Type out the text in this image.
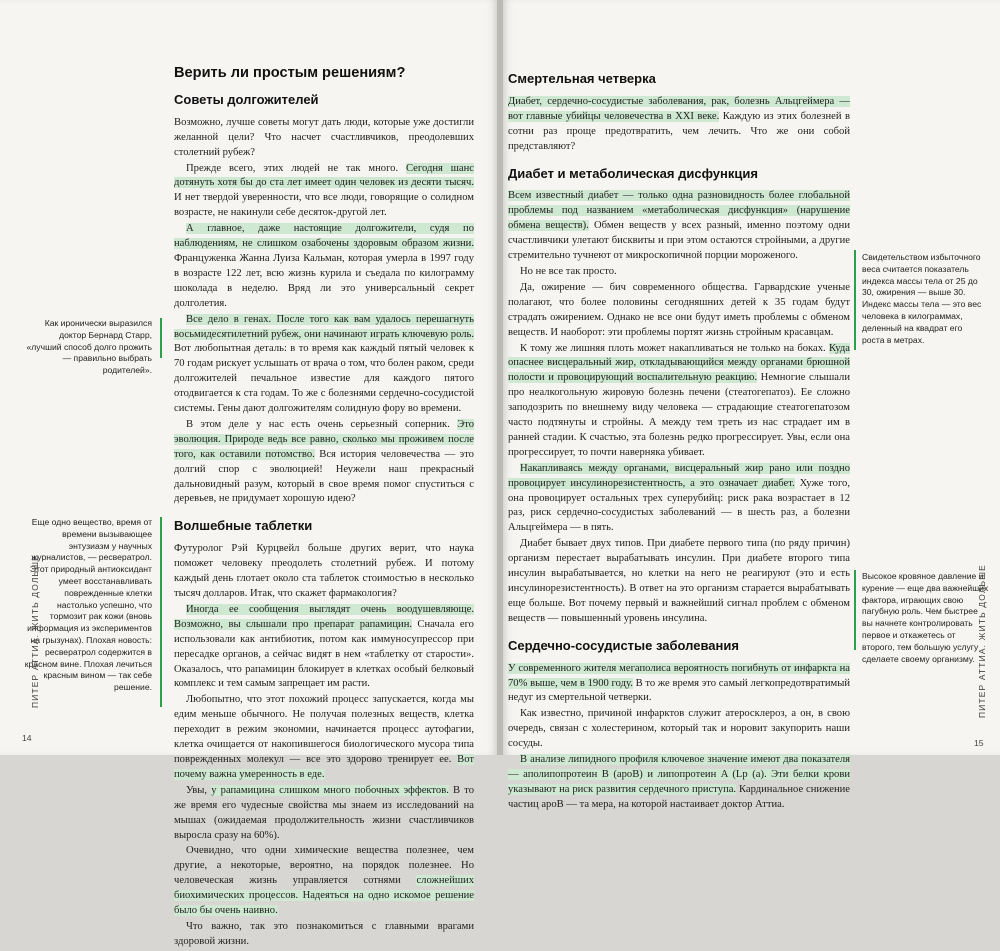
Верить ли простым решениям?
Советы долгожителей

Возможно, лучше советы могут дать люди, которые уже достигли желанной цели? Что насчет счастливчиков, преодолевших столетний рубеж?

Прежде всего, этих людей не так много. Сегодня шанс дотянуть хотя бы до ста лет имеет один человек из десяти тысяч. И нет твердой уверенности, что все люди, говорящие о солидном возрасте, не накинули себе десяток-другой лет.

А главное, даже настоящие долгожители, судя по наблюдениям, не слишком озабочены здоровым образом жизни. Француженка Жанна Луиза Кальман, которая умерла в 1997 году в возрасте 122 лет, всю жизнь курила и съедала по килограмму шоколада в неделю. Вряд ли это универсальный секрет долголетия.

Все дело в генах. После того как вам удалось перешагнуть восьмидесятилетний рубеж, они начинают играть ключевую роль. Вот любопытная деталь: в то время как каждый пятый человек к 70 годам рискует услышать от врача о том, что болен раком, среди долгожителей печальное известие для каждого пятого отодвигается к ста годам. То же с болезнями сердечно-сосудистой системы. Гены дают долгожителям солидную фору во времени.

В этом деле у нас есть очень серьезный соперник. Это эволюция. Природе ведь все равно, сколько мы проживем после того, как оставили потомство. Вся история человечества — это долгий спор с эволюцией! Неужели наш прекрасный дальновидный разум, который в свое время помог спуститься с деревьев, не придумает хорошую идею?

Волшебные таблетки

Футуролог Рэй Курцвейл больше других верит, что наука поможет человеку преодолеть столетний рубеж. И потому каждый день глотает около ста таблеток стоимостью в несколько тысяч долларов. Итак, что скажет фармакология?

Иногда ее сообщения выглядят очень воодушевляюще. Возможно, вы слышали про препарат рапамицин. Сначала его использовали как антибиотик, потом как иммуносупрессор при пересадке органов, а сейчас видят в нем «таблетку от старости». Оказалось, что рапамицин блокирует в клетках особый белковый комплекс и тем самым запрещает им расти.

Любопытно, что этот похожий процесс запускается, когда мы едим меньше обычного. Не получая полезных веществ, клетка переходит в режим экономии, начинается процесс аутофагии, клетка очищается от накопившегося биологического мусора типа поврежденных молекул — все это здорово тренирует ее. Вот почему важна умеренность в еде.

Увы, у рапамицина слишком много побочных эффектов. В то же время его чудесные свойства мы знаем из исследований на мышах (ожидаемая продолжительность жизни счастливчиков выросла сразу на 60%).

Очевидно, что одни химические вещества полезнее, чем другие, а некоторые, вероятно, на порядок полезнее. Но человеческая жизнь управляется сотнями сложнейших биохимических процессов. Надеяться на одно искомое решение было бы очень наивно.

Что важно, так это познакомиться с главными врагами здоровой жизни.

Как иронически выразился доктор Бернард Старр, «лучший способ долго прожить — правильно выбрать родителей».
Еще одно вещество, время от времени вызывающее энтузиазм у научных журналистов, — ресвератрол. Этот природный антиоксидант умеет восстанавливать поврежденные клетки настолько успешно, что тормозит рак кожи (вновь информация из экспериментов на грызунах). Плохая новость: ресвератрол содержится в красном вине. Плохая лечиться красным вином — так себе решение.
ПИТЕР АТТИА. ЖИТЬ ДОЛЬШЕ
14
Смертельная четверка

Диабет, сердечно-сосудистые заболевания, рак, болезнь Альцгеймера — вот главные убийцы человечества в XXI веке. Каждую из этих болезней в сотни раз проще предотвратить, чем лечить. Что же они собой представляют?

Диабет и метаболическая дисфункция

Всем известный диабет — только одна разновидность более глобальной проблемы под названием «метаболическая дисфункция» (нарушение обмена веществ). Обмен веществ у всех разный, именно поэтому одни счастливчики улетают бисквиты и при этом остаются стройными, а другие стремительно тучнеют от микроскопичной порции мороженого.

Но не все так просто.

Да, ожирение — бич современного общества. Гарвардские ученые полагают, что более половины сегодняшних детей к 35 годам будут страдать ожирением. Однако не все они будут иметь проблемы с обменом веществ. И наоборот: эти проблемы портят жизнь стройным красавцам.

К тому же лишняя плоть может накапливаться не только на боках. Куда опаснее висцеральный жир, откладывающийся между органами брюшной полости и провоцирующий воспалительную реакцию. Немногие слышали про неалкогольную жировую болезнь печени (стеатогепатоз). Ее сложно заподозрить по внешнему виду человека — страдающие стеатогепатозом часто подтянуты и стройны. А между тем треть из нас страдает им в ранней стадии. К счастью, эта болезнь редко прогрессирует. Увы, если она прогрессирует, то почти наверняка убивает.

Накапливаясь между органами, висцеральный жир рано или поздно провоцирует инсулинорезистентность, а это означает диабет. Хуже того, она провоцирует остальных трех суперубийц: риск рака возрастает в 12 раз, риск сердечно-сосудистых заболеваний — в шесть раз, а болезни Альцгеймера — в пять.

Диабет бывает двух типов. При диабете первого типа (по ряду причин) организм перестает вырабатывать инсулин. При диабете второго типа инсулин вырабатывается, но клетки на него не реагируют (это и есть инсулинорезистентность). В ответ на это организм старается вырабатывать еще больше. Вот почему первый и важнейший сигнал проблем с обменом веществ — повышенный уровень инсулина.

Сердечно-сосудистые заболевания

У современного жителя мегаполиса вероятность погибнуть от инфаркта на 70% выше, чем в 1900 году. В то же время это самый легкопредотвратимый недуг из смертельной четверки.

Как известно, причиной инфарктов служит атеросклероз, а он, в свою очередь, связан с холестерином, который так и норовит закупорить наши сосуды.

В анализе липидного профиля ключевое значение имеют два показателя — аполипопротеин B (apoB) и липопротеин A (Lp (a). Эти белки крови указывают на риск развития сердечного приступа. Кардинальное снижение частиц apoB — та мера, на которой настаивает доктор Аттиа.

Свидетельством избыточного веса считается показатель индекса массы тела от 25 до 30, ожирения — выше 30. Индекс массы тела — это вес человека в килограммах, деленный на квадрат его роста в метрах.
Высокое кровяное давление и курение — еще два важнейших фактора, играющих свою пагубную роль. Чем быстрее вы начнете контролировать первое и откажетесь от второго, тем большую услугу сделаете своему организму. ПИТЕР АТТИА. ЖИТЬ ДОЛЬШЕ
15
